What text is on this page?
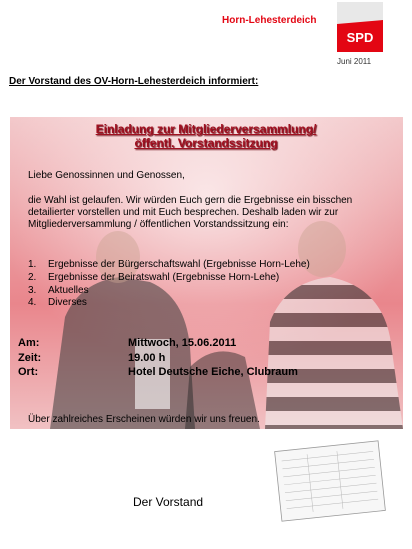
Horn-Lehesterdeich
SPD
Juni 2011
Der Vorstand des OV-Horn-Lehesterdeich informiert:
Einladung zur Mitgliederversammlung/
öffentl. Vorstandssitzung
Liebe Genossinnen und Genossen,

die Wahl ist gelaufen. Wir würden Euch gern die Ergebnisse ein bisschen detailierter vorstellen und mit Euch besprechen. Deshalb laden wir zur Mitgliederversammlung / öffentlichen Vorstandssitzung ein:

1. Ergebnisse der Bürgerschaftswahl (Ergebnisse Horn-Lehe)
2. Ergebnisse der Beiratswahl (Ergebnisse Horn-Lehe)
3. Aktuelles
4. Diverses
Am:	Mittwoch, 15.06.2011
Zeit:	19.00 h
Ort:	Hotel Deutsche Eiche, Clubraum
Über zahlreiches Erscheinen würden wir uns freuen.
Der Vorstand
